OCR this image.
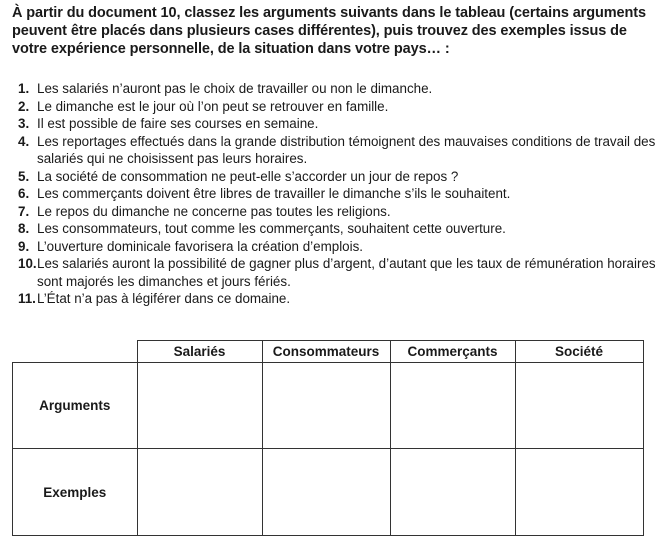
À partir du document 10, classez les arguments suivants dans le tableau (certains arguments peuvent être placés dans plusieurs cases différentes), puis trouvez des exemples issus de votre expérience personnelle, de la situation dans votre pays… :
1. Les salariés n’auront pas le choix de travailler ou non le dimanche.
2. Le dimanche est le jour où l’on peut se retrouver en famille.
3. Il est possible de faire ses courses en semaine.
4. Les reportages effectués dans la grande distribution témoignent des mauvaises conditions de travail des salariés qui ne choisissent pas leurs horaires.
5. La société de consommation ne peut-elle s’accorder un jour de repos ?
6. Les commerçants doivent être libres de travailler le dimanche s’ils le souhaitent.
7. Le repos du dimanche ne concerne pas toutes les religions.
8. Les consommateurs, tout comme les commerçants, souhaitent cette ouverture.
9. L’ouverture dominicale favorisera la création d’emplois.
10. Les salariés auront la possibilité de gagner plus d’argent, d’autant que les taux de rémunération horaires sont majorés les dimanches et jours fériés.
11. L’État n’a pas à légiférer dans ce domaine.
	Salariés	Consommateurs	Commerçants	Société
Arguments				
Exemples				
